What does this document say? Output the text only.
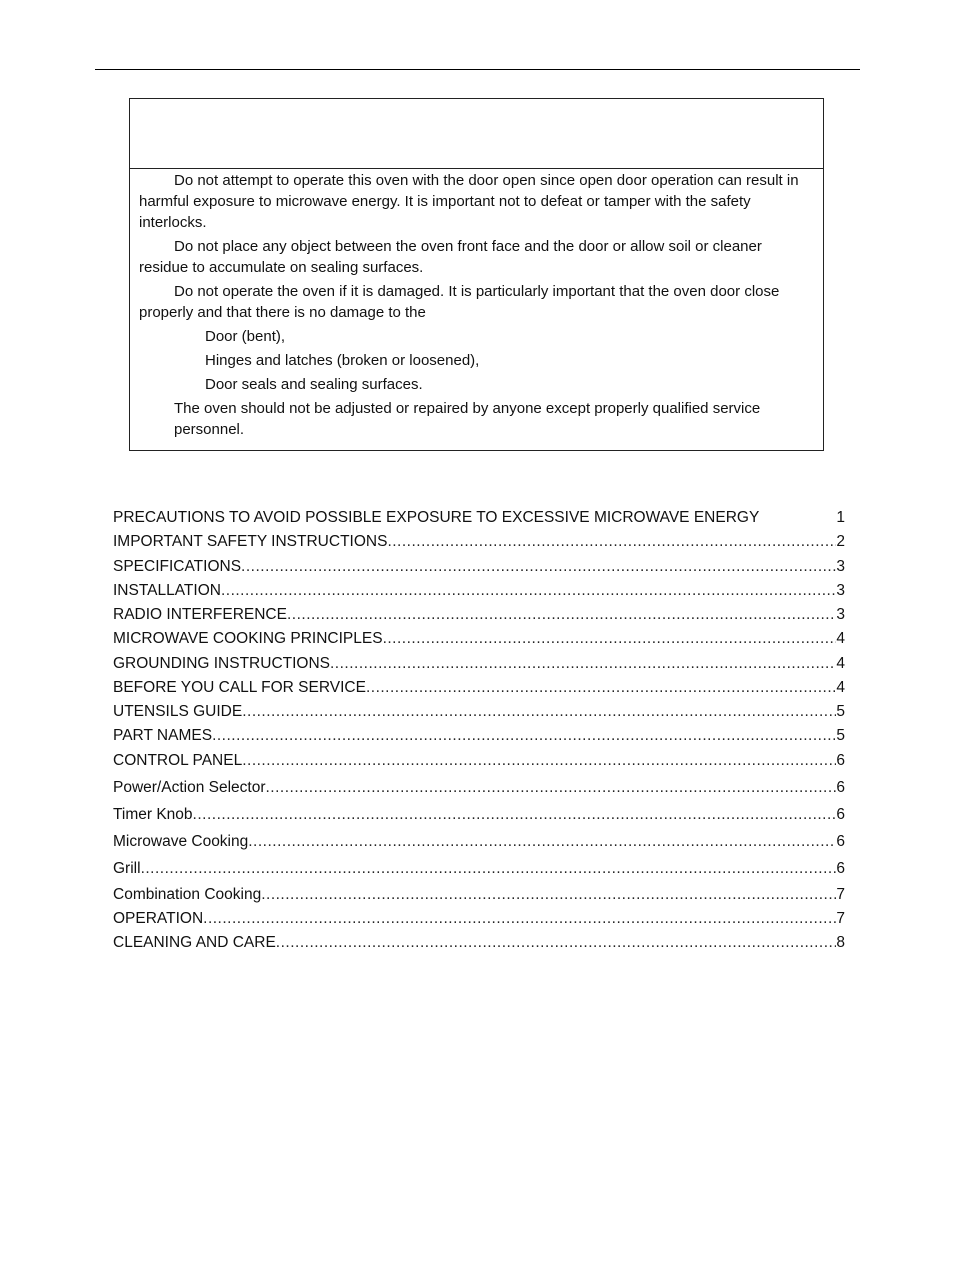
Do not attempt to operate this oven with the door open since open door operation can result in harmful exposure to microwave energy. It is important not to defeat or tamper with the safety interlocks.

Do not place any object between the oven front face and the door or allow soil or cleaner residue to accumulate on sealing surfaces.

Do not operate the oven if it is damaged. It is particularly important that the oven door close properly and that there is no damage to the

Door (bent),
Hinges and latches (broken or loosened),
Door seals and sealing surfaces.

The oven should not be adjusted or repaired by anyone except properly qualified service personnel.

PRECAUTIONS TO AVOID POSSIBLE EXPOSURE TO EXCESSIVE MICROWAVE ENERGY	1
IMPORTANT SAFETY INSTRUCTIONS .....	2
SPECIFICATIONS .....	3
INSTALLATION .....	3
RADIO INTERFERENCE .....	3
MICROWAVE COOKING PRINCIPLES .....	4
GROUNDING INSTRUCTIONS .....	4
BEFORE YOU CALL FOR SERVICE .....	4
UTENSILS GUIDE .....	5
PART NAMES .....	5
CONTROL PANEL .....	6
Power/Action Selector .....	6
Timer Knob .....	6
Microwave Cooking .....	6
Grill .....	6
Combination Cooking .....	7
OPERATION .....	7
CLEANING AND CARE .....	8
